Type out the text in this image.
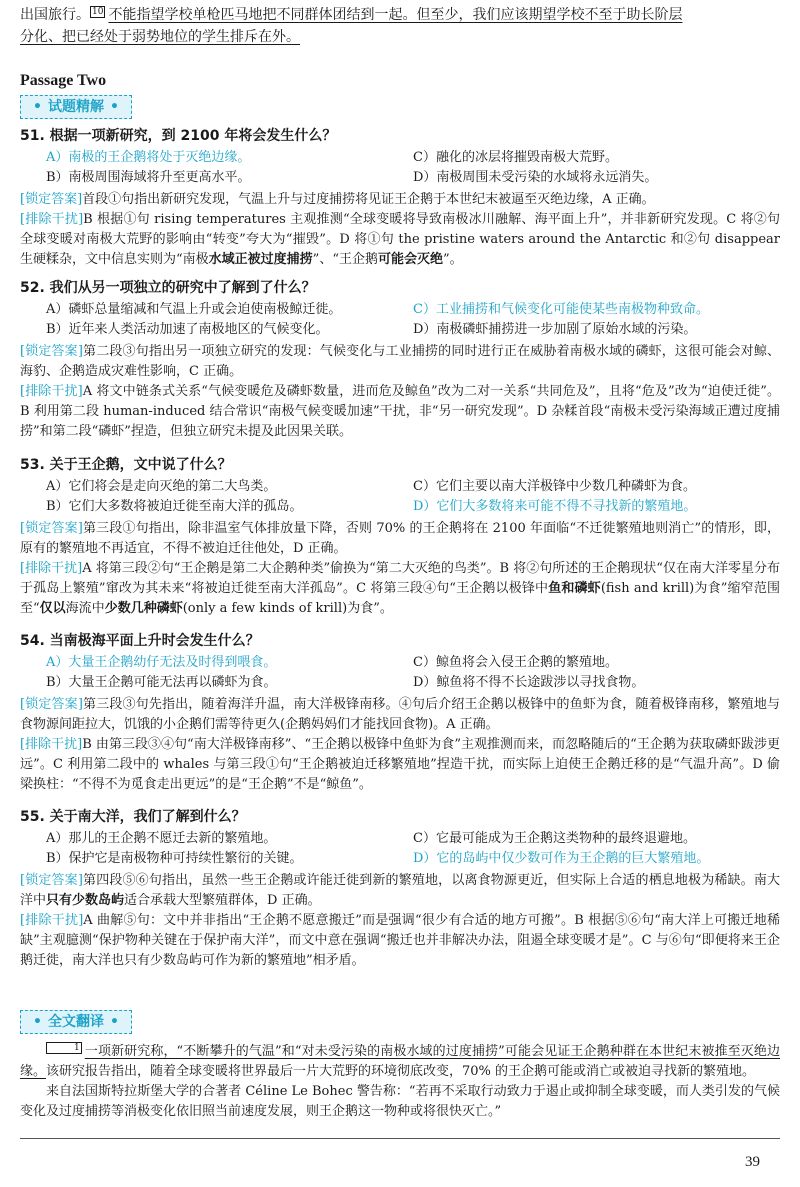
出国旅行。 10 不能指望学校单枪匹马地把不同群体团结到一起。但至少，我们应该期望学校不至于助长阶层
分化、把已经处于弱势地位的学生排斥在外。
Passage Two
• 试题精解 •
51. 根据一项新研究，到 2100 年将会发生什么？
A）南极的王企鹅将处于灭绝边缘。	C）融化的冰层将摧毁南极大荒野。
B）南极周围海域将升至更高水平。	D）南极周围未受污染的水域将永远消失。
[锁定答案]首段①句指出新研究发现，气温上升与过度捕捞将见证王企鹅于本世纪末被逼至灭绝边缘，A 正确。
[排除干扰]B 根据①句 rising temperatures 主观推测“全球变暖将导致南极冰川融解、海平面上升”，并非新研究发现。C 将②句全球变暖对南极大荒野的影响由“转变”夸大为“摧毁”。D 将①句 the pristine waters around the Antarctic 和②句 disappear 生硬糅杂，文中信息实则为“南极水域正被过度捕捞”、“王企鹅可能会灭绝”。
52. 我们从另一项独立的研究中了解到了什么？
A）磷虾总量缩减和气温上升或会迫使南极鲸迁徙。	C）工业捕捞和气候变化可能使某些南极物种致命。
B）近年来人类活动加速了南极地区的气候变化。	D）南极磷虾捕捞进一步加剧了原始水域的污染。
[锁定答案]第二段③句指出另一项独立研究的发现：气候变化与工业捕捞的同时进行正在威胁着南极水域的磷虾，这很可能会对鲸、海豹、企鹅造成灾难性影响，C 正确。
[排除干扰]A 将文中链条式关系“气候变暖危及磷虾数量，进而危及鲸鱼”改为二对一关系“共同危及”，且将“危及”改为“迫使迁徙”。B 利用第二段 human-induced 结合常识“南极气候变暖加速”干扰，非“另一研究发现”。D 杂糅首段“南极未受污染海域正遭过度捕捞”和第二段“磷虾”捏造，但独立研究未提及此因果关联。
53. 关于王企鹅，文中说了什么？
A）它们将会是走向灭绝的第二大鸟类。	C）它们主要以南大洋极锋中少数几种磷虾为食。
B）它们大多数将被迫迁徙至南大洋的孤岛。	D）它们大多数将来可能不得不寻找新的繁殖地。
[锁定答案]第三段①句指出，除非温室气体排放量下降，否则 70% 的王企鹅将在 2100 年面临“不迁徙繁殖地则消亡”的情形，即，原有的繁殖地不再适宜，不得不被迫迁往他处，D 正确。
[排除干扰]A 将第三段②句“王企鹅是第二大企鹅种类”偷换为“第二大灭绝的鸟类”。B 将②句所述的王企鹅现状“仅在南大洋零星分布于孤岛上繁殖”窜改为其未来“将被迫迁徙至南大洋孤岛”。C 将第三段④句“王企鹅以极锋中鱼和磷虾(fish and krill)为食”缩窄范围至“仅以海流中少数几种磷虾(only a few kinds of krill)为食”。
54. 当南极海平面上升时会发生什么？
A）大量王企鹅幼仔无法及时得到喂食。	C）鲸鱼将会入侵王企鹅的繁殖地。
B）大量王企鹅可能无法再以磷虾为食。	D）鲸鱼将不得不长途跋涉以寻找食物。
[锁定答案]第三段③句先指出，随着海洋升温，南大洋极锋南移。④句后介绍王企鹅以极锋中的鱼虾为食，随着极锋南移，繁殖地与食物源间距拉大，饥饿的小企鹅们需等待更久(企鹅妈妈们才能找回食物)。A 正确。
[排除干扰]B 由第三段③④句“南大洋极锋南移”、“王企鹅以极锋中鱼虾为食”主观推测而来，而忽略随后的“王企鹅为获取磷虾跋涉更远”。C 利用第二段中的 whales 与第三段①句“王企鹅被迫迁移繁殖地”捏造干扰，而实际上迫使王企鹅迁移的是“气温升高”。D 偷梁换柱：“不得不为觅食走出更远”的是“王企鹅”不是“鲸鱼”。
55. 关于南大洋，我们了解到什么？
A）那儿的王企鹅不愿迁去新的繁殖地。	C）它最可能成为王企鹅这类物种的最终退避地。
B）保护它是南极物种可持续性繁衍的关键。	D）它的岛屿中仅少数可作为王企鹅的巨大繁殖地。
[锁定答案]第四段⑤⑥句指出，虽然一些王企鹅或许能迁徙到新的繁殖地，以离食物源更近，但实际上合适的栖息地极为稀缺。南大洋中只有少数岛屿适合承载大型繁殖群体，D 正确。
[排除干扰]A 曲解⑤句：文中并非指出“王企鹅不愿意搬迁”而是强调“很少有合适的地方可搬”。B 根据⑤⑥句“南大洋上可搬迁地稀缺”主观臆测“保护物种关键在于保护南大洋”，而文中意在强调“搬迁也并非解决办法，阻遏全球变暖才是”。C 与⑥句“即便将来王企鹅迁徙，南大洋也只有少数岛屿可作为新的繁殖地”相矛盾。
• 全文翻译 •
1 一项新研究称，“不断攀升的气温”和“对未受污染的南极水域的过度捕捞”可能会见证王企鹅种群在本世纪末被推至灭绝边缘。该研究报告指出，随着全球变暖将世界最后一片大荒野的环境彻底改变，70% 的王企鹅可能或消亡或被迫寻找新的繁殖地。
来自法国斯特拉斯堡大学的合著者 Céline Le Bohec 警告称：“若再不采取行动致力于遏止或抑制全球变暖，而人类引发的气候变化及过度捕捞等消极变化依旧照当前速度发展，则王企鹅这一物种或将很快灭亡。”
39
